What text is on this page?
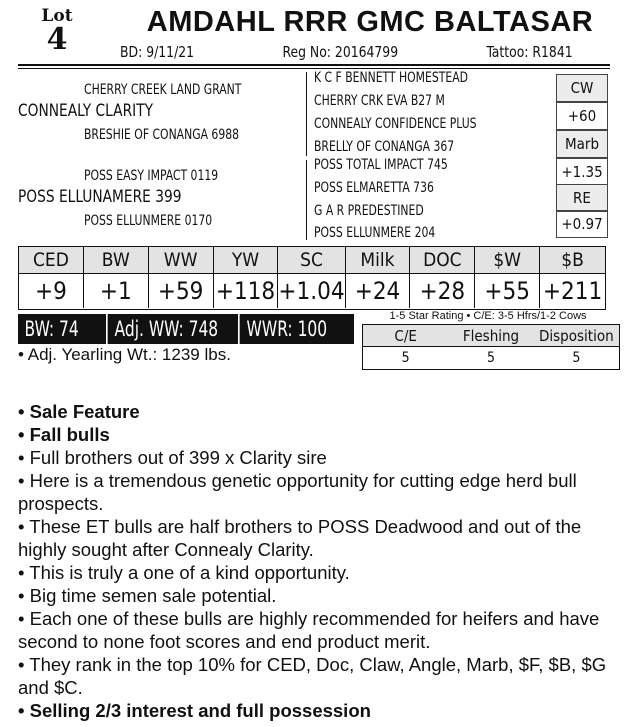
Lot
4	AMDAHL RRR GMC BALTASAR
BD: 9/11/21	Reg No: 20164799	Tattoo: R1841
CHERRY CREEK LAND GRANT
CONNEALY CLARITY
BRESHIE OF CONANGA 6988
POSS EASY IMPACT 0119
POSS ELLUNAMERE 399
POSS ELLUNMERE 0170
K C F BENNETT HOMESTEAD
CHERRY CRK EVA B27 M
CONNEALY CONFIDENCE PLUS
BRELLY OF CONANGA 367
POSS TOTAL IMPACT 745
POSS ELMARETTA 736
G A R PREDESTINED
POSS ELLUNMERE 204
CW
+60
Marb
+1.35
RE
+0.97
CED	BW	WW	YW	SC	Milk	DOC	$W	$B
+9	+1	+59 +118 +1.04 +24 +28 +55 +211
BW: 74	Adj. WW: 748	WWR: 100
• Adj. Yearling Wt.: 1239 lbs.
1-5 Star Rating • C/E: 3-5 Hfrs/1-2 Cows
C/E	Fleshing	Disposition
5	5	5
• Sale Feature
• Fall bulls
• Full brothers out of 399 x Clarity sire
• Here is a tremendous genetic opportunity for cutting edge herd bull prospects.
• These ET bulls are half brothers to POSS Deadwood and out of the highly sought after Connealy Clarity.
• This is truly a one of a kind opportunity.
• Big time semen sale potential.
• Each one of these bulls are highly recommended for heifers and have second to none foot scores and end product merit.
• They rank in the top 10% for CED, Doc, Claw, Angle, Marb, $F, $B, $G and $C.
• Selling 2/3 interest and full possession
